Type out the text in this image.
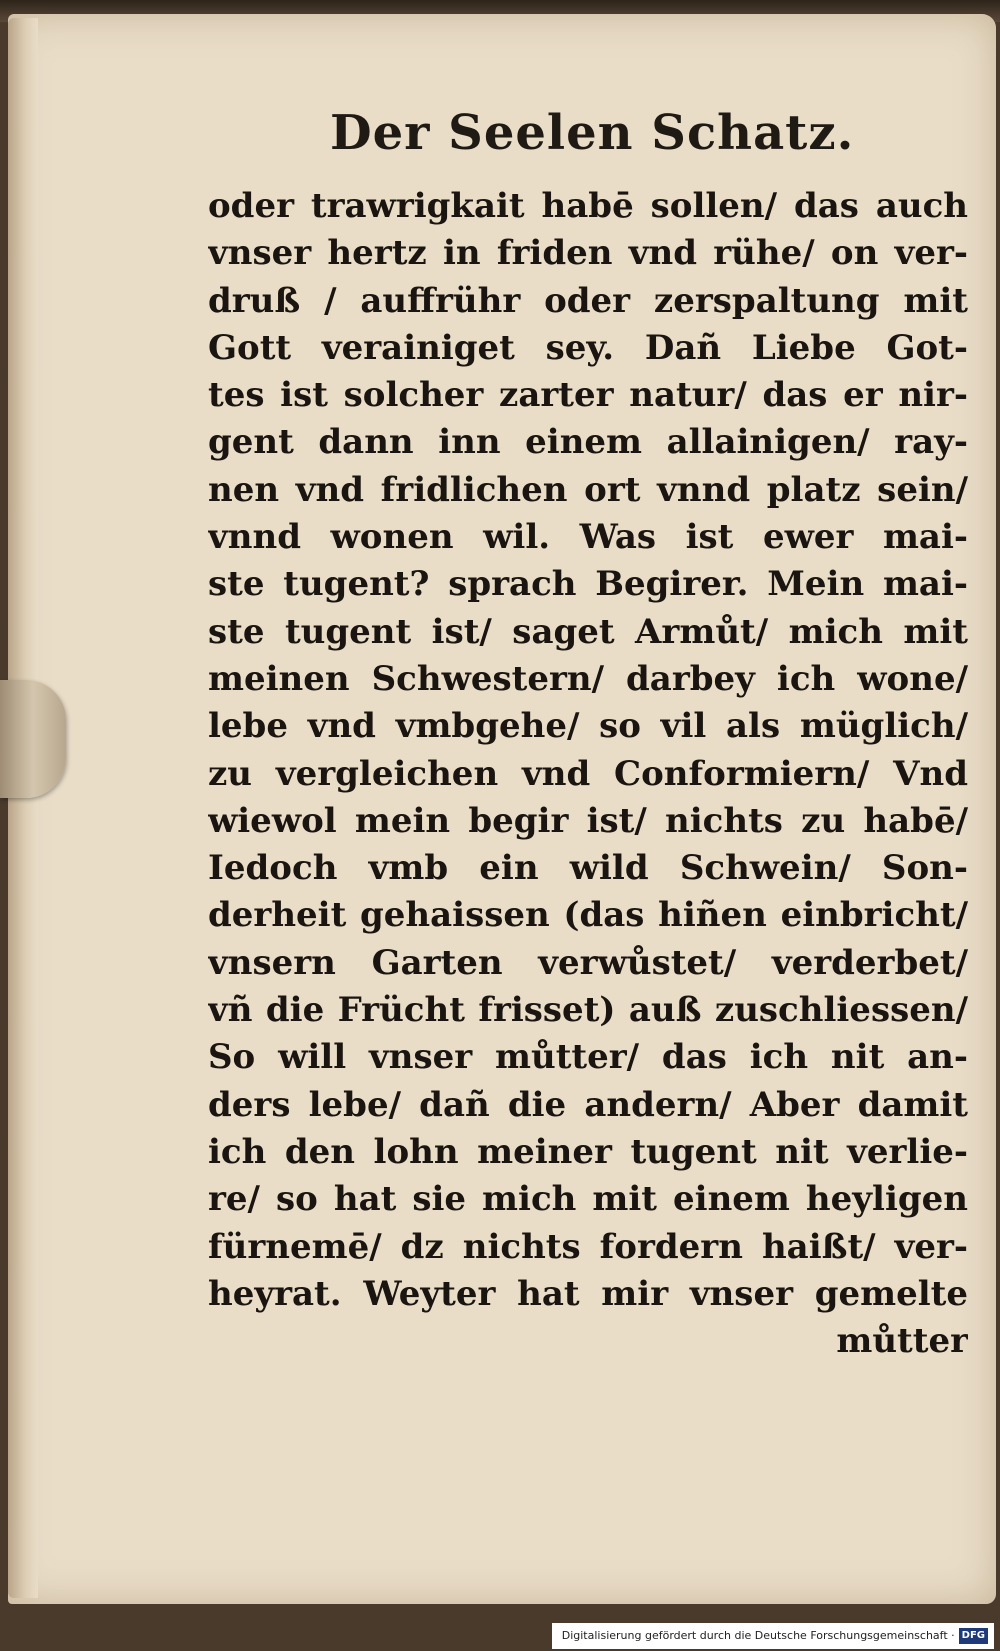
Der Seelen Schatz.
oder trawrigkait habē sollen/ das auch
vnser hertz in friden vnd rühe/ on ver-
druß / auffrühr oder zerspaltung mit
Gott verainiget sey. Dañ Liebe Got-
tes ist solcher zarter natur/ das er nir-
gent dann inn einem allainigen/ ray-
nen vnd fridlichen ort vnnd platz sein/
vnnd wonen wil. Was ist ewer mai-
ste tugent? sprach Begirer. Mein mai-
ste tugent ist/ saget Armůt/ mich mit
meinen Schwestern/ darbey ich wone/
lebe vnd vmbgehe/ so vil als müglich/
zu vergleichen vnd Conformiern/ Vnd
wiewol mein begir ist/ nichts zu habē/
Iedoch vmb ein wild Schwein/ Son-
derheit gehaissen (das hiñen einbricht/
vnsern Garten verwůstet/ verderbet/
vñ die Frücht frisset) auß zuschliessen/
So will vnser můtter/ das ich nit an-
ders lebe/ dañ die andern/ Aber damit
ich den lohn meiner tugent nit verlie-
re/ so hat sie mich mit einem heyligen
fürnemē/ dz nichts fordern haißt/ ver-
heyrat. Weyter hat mir vnser gemelte
můtter
Digitalisierung gefördert durch die Deutsche Forschungsgemeinschaft · DFG
